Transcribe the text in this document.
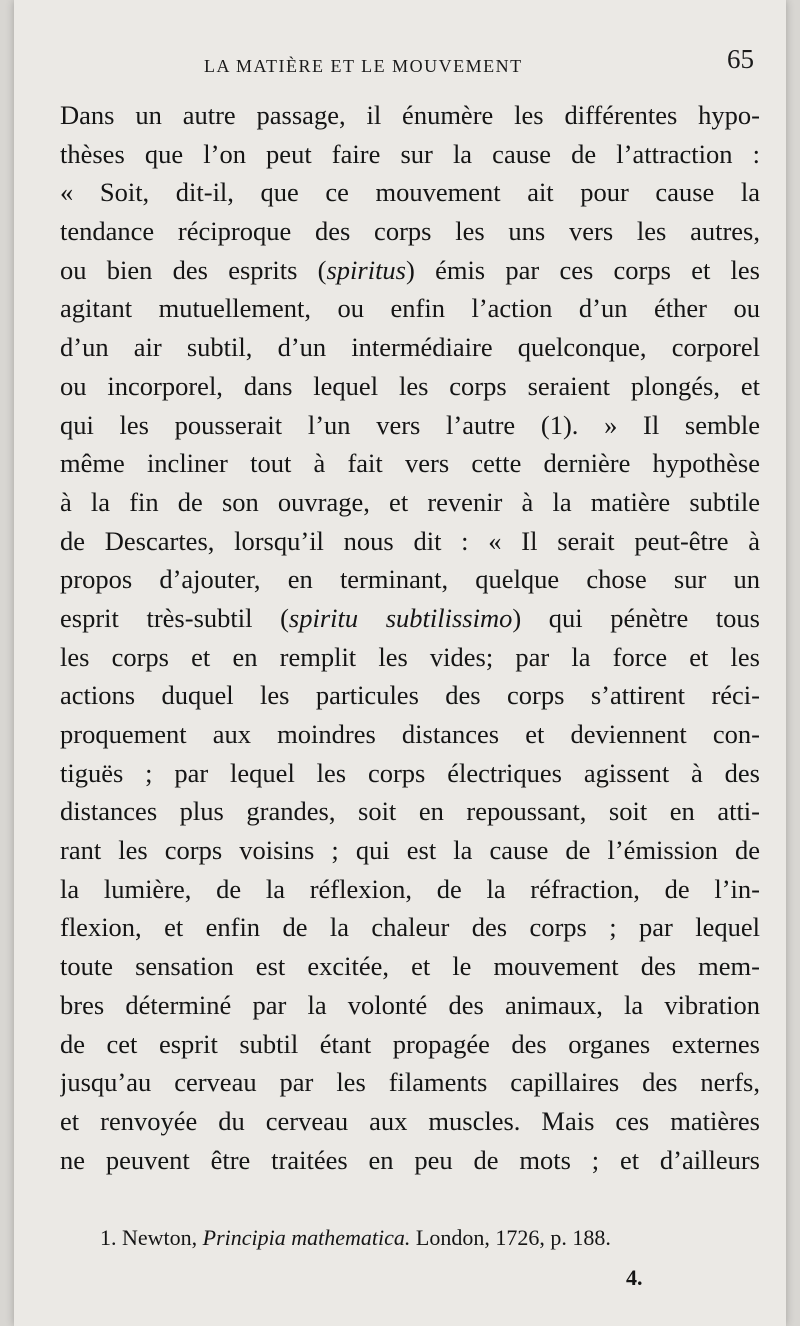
LA MATIÈRE ET LE MOUVEMENT	65
Dans un autre passage, il énumère les différentes hypo-
thèses que l’on peut faire sur la cause de l’attraction :
« Soit, dit-il, que ce mouvement ait pour cause la
tendance réciproque des corps les uns vers les autres,
ou bien des esprits (spiritus) émis par ces corps et les
agitant mutuellement, ou enfin l’action d’un éther ou
d’un air subtil, d’un intermédiaire quelconque, corporel
ou incorporel, dans lequel les corps seraient plongés, et
qui les pousserait l’un vers l’autre (1). » Il semble
même incliner tout à fait vers cette dernière hypothèse
à la fin de son ouvrage, et revenir à la matière subtile
de Descartes, lorsqu’il nous dit : « Il serait peut-être à
propos d’ajouter, en terminant, quelque chose sur un
esprit très-subtil (spiritu subtilissimo) qui pénètre tous
les corps et en remplit les vides; par la force et les
actions duquel les particules des corps s’attirent réci-
proquement aux moindres distances et deviennent con-
tiguës ; par lequel les corps électriques agissent à des
distances plus grandes, soit en repoussant, soit en atti-
rant les corps voisins ; qui est la cause de l’émission de
la lumière, de la réflexion, de la réfraction, de l’in-
flexion, et enfin de la chaleur des corps ; par lequel
toute sensation est excitée, et le mouvement des mem-
bres déterminé par la volonté des animaux, la vibration
de cet esprit subtil étant propagée des organes externes
jusqu’au cerveau par les filaments capillaires des nerfs,
et renvoyée du cerveau aux muscles. Mais ces matières
ne peuvent être traitées en peu de mots ; et d’ailleurs
1. Newton, Principia mathematica. London, 1726, p. 188.
4.
